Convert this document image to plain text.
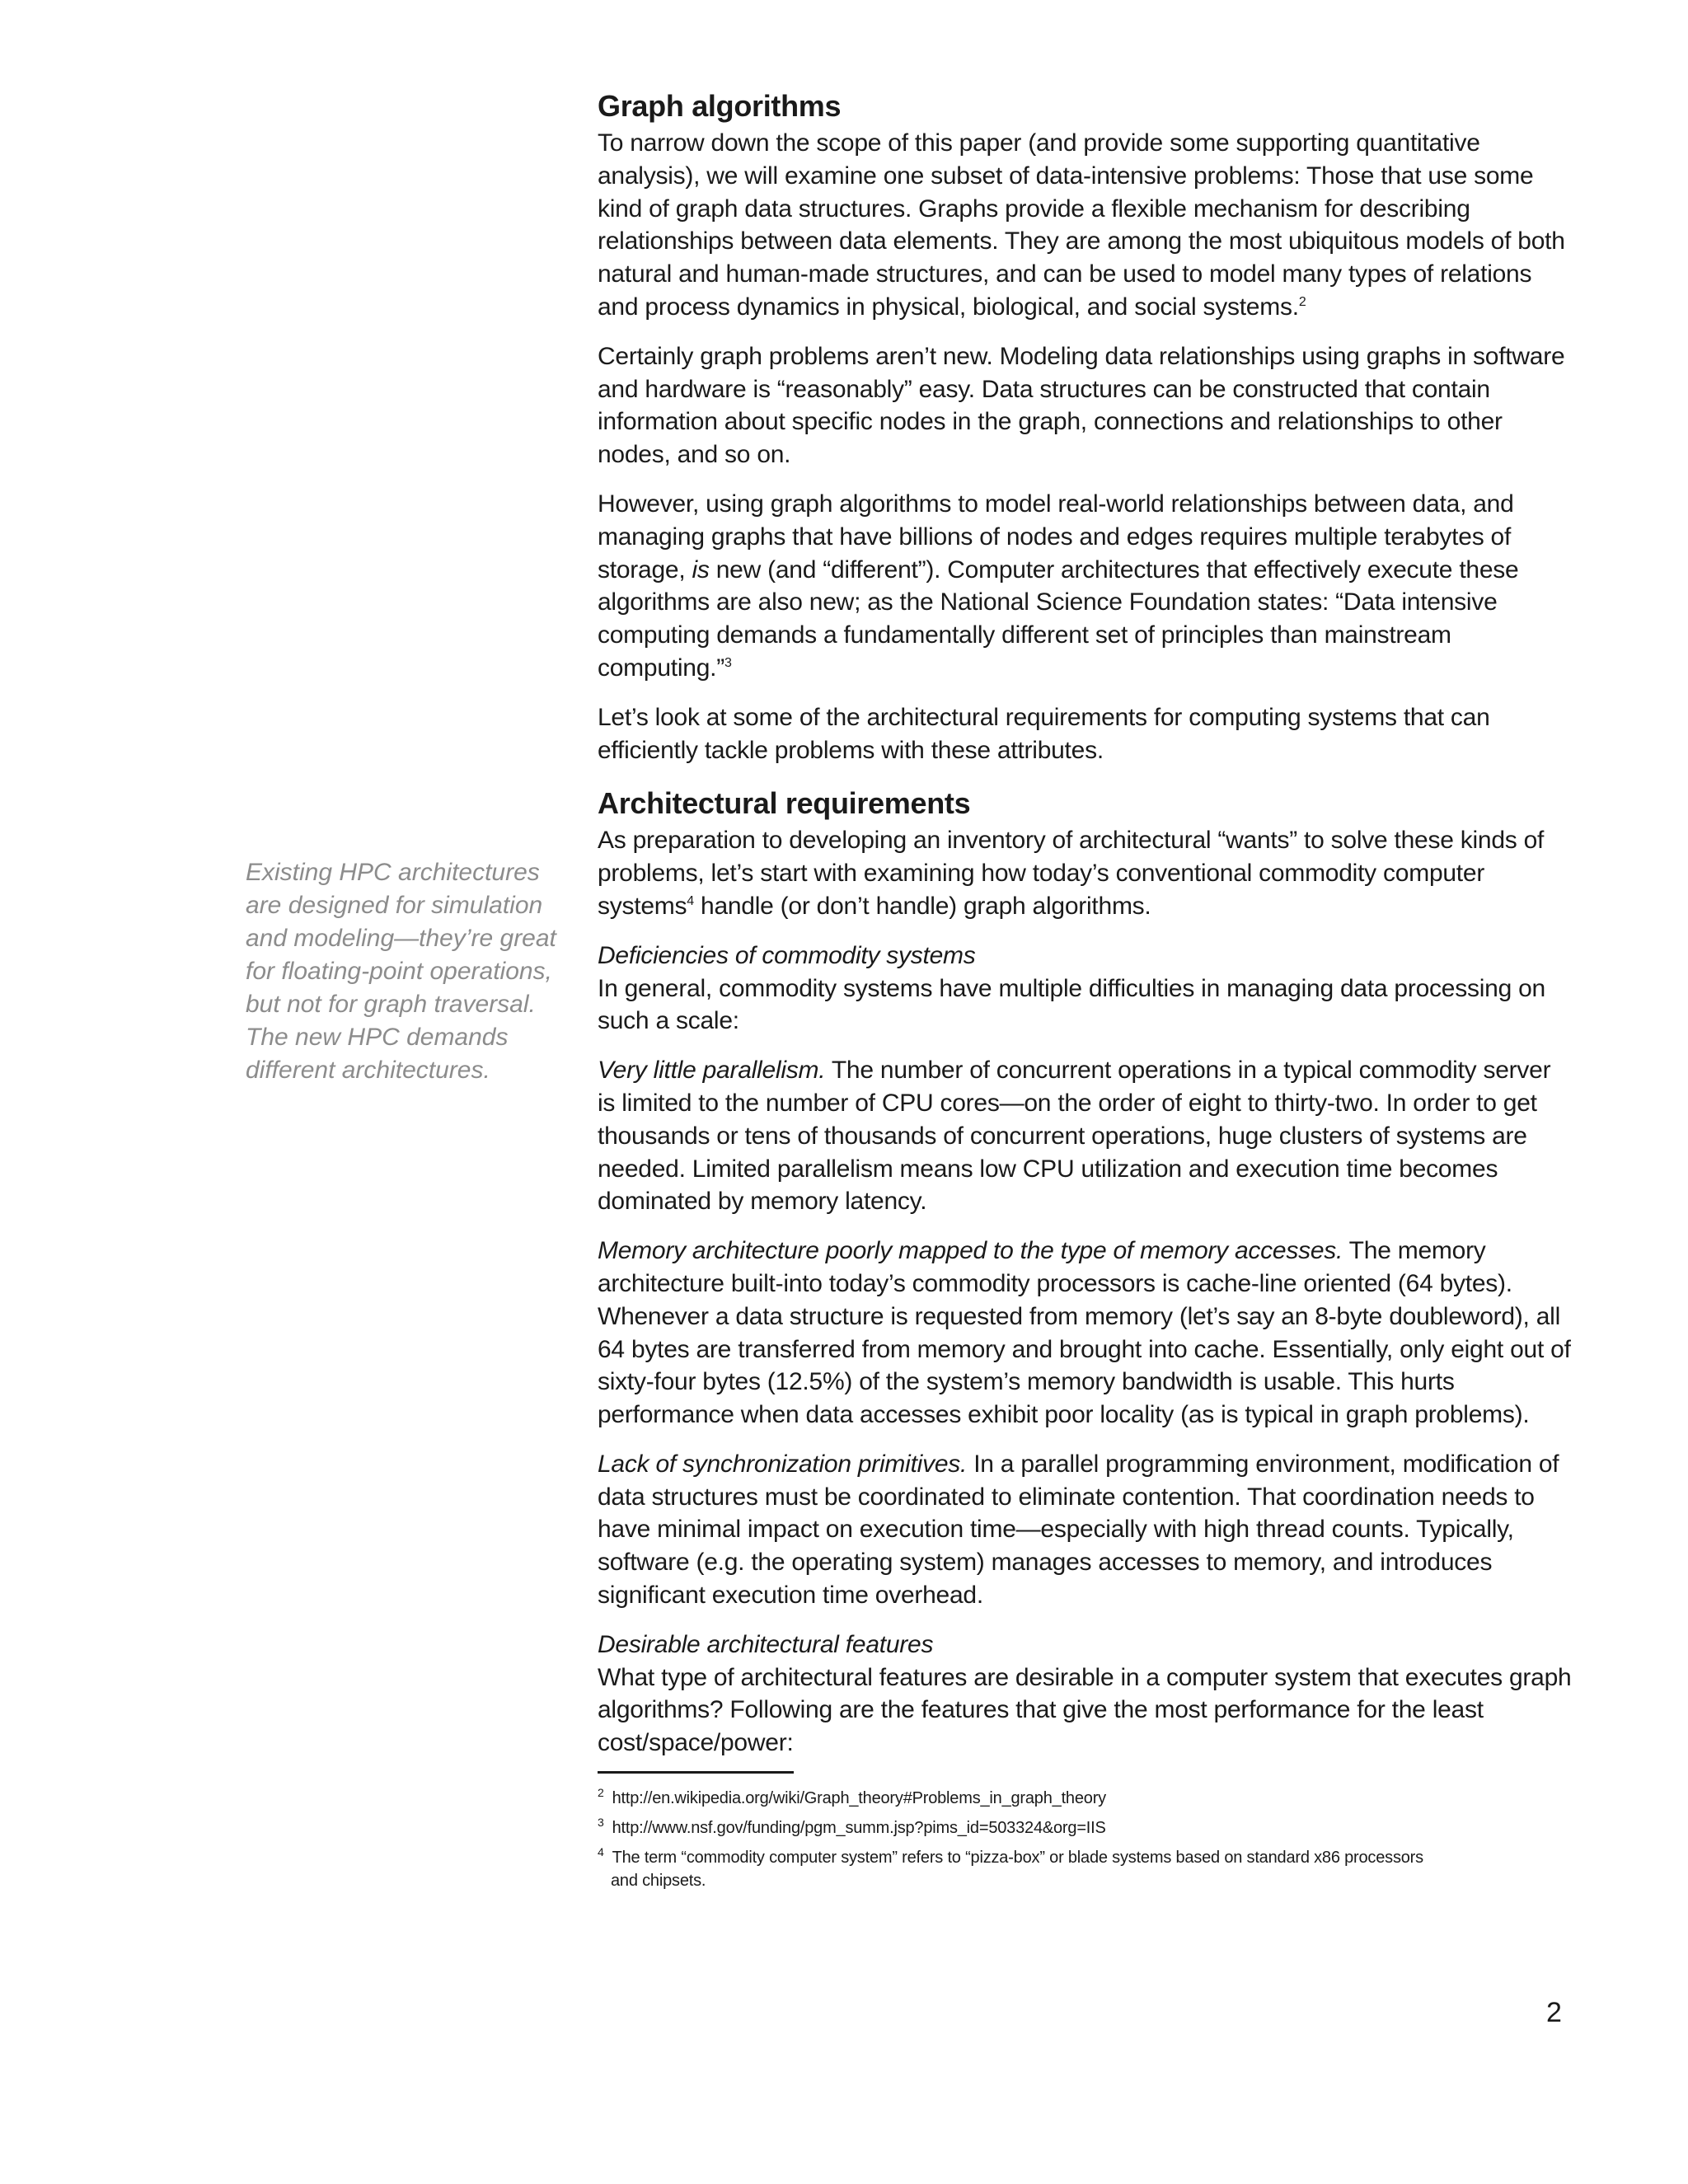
Existing HPC architectures are designed for simulation and modeling—they’re great for floating-point operations, but not for graph traversal. The new HPC demands different architectures.
Graph algorithms

To narrow down the scope of this paper (and provide some supporting quantitative analysis), we will examine one subset of data-intensive problems: Those that use some kind of graph data structures. Graphs provide a flexible mechanism for describing relationships between data elements. They are among the most ubiquitous models of both natural and human-made structures, and can be used to model many types of relations and process dynamics in physical, biological, and social systems.$^2$

Certainly graph problems aren’t new. Modeling data relationships using graphs in software and hardware is “reasonably” easy. Data structures can be constructed that contain information about specific nodes in the graph, connections and relationships to other nodes, and so on.

However, using graph algorithms to model real-world relationships between data, and managing graphs that have billions of nodes and edges requires multiple terabytes of storage, is new (and “different”). Computer architectures that effectively execute these algorithms are also new; as the National Science Foundation states: “Data intensive computing demands a fundamentally different set of principles than mainstream computing.”$^3$

Let’s look at some of the architectural requirements for computing systems that can efficiently tackle problems with these attributes.

Architectural requirements

As preparation to developing an inventory of architectural “wants” to solve these kinds of problems, let’s start with examining how today’s conventional commodity computer systems$^4$ handle (or don’t handle) graph algorithms.

Deficiencies of commodity systems

In general, commodity systems have multiple difficulties in managing data processing on such a scale:

Very little parallelism. The number of concurrent operations in a typical commodity server is limited to the number of CPU cores—on the order of eight to thirty-two. In order to get thousands or tens of thousands of concurrent operations, huge clusters of systems are needed. Limited parallelism means low CPU utilization and execution time becomes dominated by memory latency.

Memory architecture poorly mapped to the type of memory accesses. The memory architecture built-into today’s commodity processors is cache-line oriented (64 bytes). Whenever a data structure is requested from memory (let’s say an 8-byte doubleword), all 64 bytes are transferred from memory and brought into cache. Essentially, only eight out of sixty-four bytes (12.5%) of the system’s memory bandwidth is usable. This hurts performance when data accesses exhibit poor locality (as is typical in graph problems).

Lack of synchronization primitives. In a parallel programming environment, modification of data structures must be coordinated to eliminate contention. That coordination needs to have minimal impact on execution time—especially with high thread counts. Typically, software (e.g. the operating system) manages accesses to memory, and introduces significant execution time overhead.

Desirable architectural features

What type of architectural features are desirable in a computer system that executes graph algorithms? Following are the features that give the most performance for the least cost/space/power:

$^2$ http://en.wikipedia.org/wiki/Graph_theory#Problems_in_graph_theory
$^3$ http://www.nsf.gov/funding/pgm_summ.jsp?pims_id=503324&org=IIS
$^4$ The term “commodity computer system” refers to “pizza-box” or blade systems based on standard x86 processors
and chipsets.
2
